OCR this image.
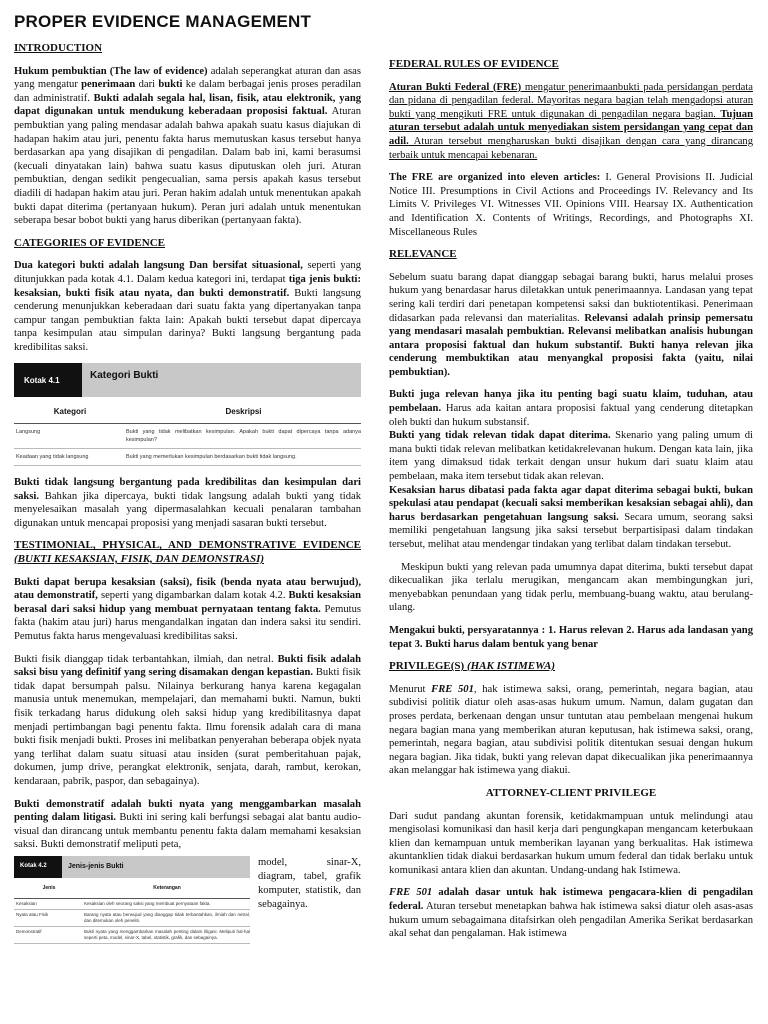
PROPER EVIDENCE MANAGEMENT
INTRODUCTION

Hukum pembuktian (The law of evidence) adalah seperangkat aturan dan asas yang mengatur penerimaan dari bukti ke dalam berbagai jenis proses peradilan dan administratif. Bukti adalah segala hal, lisan, fisik, atau elektronik, yang dapat digunakan untuk mendukung keberadaan proposisi faktual. Aturan pembuktian yang paling mendasar adalah bahwa apakah suatu kasus diajukan di hadapan hakim atau juri, penentu fakta harus memutuskan kasus tersebut hanya berdasarkan apa yang disajikan di pengadilan. Dalam bab ini, kami berasumsi (kecuali dinyatakan lain) bahwa suatu kasus diputuskan oleh juri. Aturan pembuktian, dengan sedikit pengecualian, sama persis apakah kasus tersebut diadili di hadapan hakim atau juri. Peran hakim adalah untuk menentukan apakah bukti dapat diterima (pertanyaan hukum). Peran juri adalah untuk menentukan seberapa besar bobot bukti yang harus diberikan (pertanyaan fakta).

CATEGORIES OF EVIDENCE

Dua kategori bukti adalah langsung Dan bersifat situasional, seperti yang ditunjukkan pada kotak 4.1. Dalam kedua kategori ini, terdapat tiga jenis bukti: kesaksian, bukti fisik atau nyata, dan bukti demonstratif. Bukti langsung cenderung menunjukkan keberadaan dari suatu fakta yang dipertanyakan tanpa campur tangan pembuktian fakta lain: Apakah bukti tersebut dapat dipercaya tanpa kesimpulan atau simpulan darinya? Bukti langsung bergantung pada kredibilitas saksi.

Kotak 4.1	Kategori Bukti
Kategori	Deskripsi
Langsung	Bukti yang tidak melibatkan kesimpulan. Apakah bukti dapat dipercaya tanpa adanya kesimpulan?
Keadaan yang tidak langsung	Bukti yang memerlukan kesimpulan berdasarkan bukti tidak langsung.

Bukti tidak langsung bergantung pada kredibilitas dan kesimpulan dari saksi. Bahkan jika dipercaya, bukti tidak langsung adalah bukti yang tidak menyelesaikan masalah yang dipermasalahkan kecuali penalaran tambahan digunakan untuk mencapai proposisi yang menjadi sasaran bukti tersebut.

TESTIMONIAL, PHYSICAL, AND DEMONSTRATIVE EVIDENCE (BUKTI KESAKSIAN, FISIK, DAN DEMONSTRASI)

Bukti dapat berupa kesaksian (saksi), fisik (benda nyata atau berwujud), atau demonstratif, seperti yang digambarkan dalam kotak 4.2. Bukti kesaksian berasal dari saksi hidup yang membuat pernyataan tentang fakta. Pemutus fakta (hakim atau juri) harus mengandalkan ingatan dan indera saksi itu sendiri. Pemutus fakta harus mengevaluasi kredibilitas saksi.

Bukti fisik dianggap tidak terbantahkan, ilmiah, dan netral. Bukti fisik adalah saksi bisu yang definitif yang sering disamakan dengan kepastian. Bukti fisik tidak dapat bersumpah palsu. Nilainya berkurang hanya karena kegagalan manusia untuk menemukan, mempelajari, dan memahami bukti. Namun, bukti fisik terkadang harus didukung oleh saksi hidup yang kredibilitasnya dapat menjadi pertimbangan bagi penentu fakta. Ilmu forensik adalah cara di mana bukti fisik menjadi bukti. Proses ini melibatkan penyerahan beberapa objek nyata yang terlihat dalam suatu situasi atau insiden (surat pemberitahuan pajak, dokumen, jump drive, perangkat elektronik, senjata, darah, rambut, kerokan, kendaraan, pabrik, paspor, dan sebagainya).

Bukti demonstratif adalah bukti nyata yang menggambarkan masalah penting dalam litigasi. Bukti ini sering kali berfungsi sebagai alat bantu audio-visual dan dirancang untuk membantu penentu fakta dalam memahami kesaksian saksi. Bukti demonstratif meliputi peta,

Kotak 4.2	Jenis-jenis Bukti
Jenis	Keterangan
Kesaksian	Kesaksian oleh seorang saksi yang membuat pernyataan fakta.
Nyata atau Fisik	Barang nyata atau berwujud yang dianggap tidak terbantahkan, ilmiah dan netral, dan ditemukan oleh peneliti.
Demonstratif	Bukti nyata yang menggambarkan masalah penting dalam litigasi. Meliputi hal-hal seperti peta, model, sinar-X, tabel, statistik, grafik, dan sebagainya.

model, sinar-X, diagram, tabel, grafik komputer, statistik, dan sebagainya.

FEDERAL RULES OF EVIDENCE

Aturan Bukti Federal (FRE) mengatur penerimaanbukti pada persidangan perdata dan pidana di pengadilan federal. Mayoritas negara bagian telah mengadopsi aturan bukti yang mengikuti FRE untuk digunakan di pengadilan negara bagian. Tujuan aturan tersebut adalah untuk menyediakan sistem persidangan yang cepat dan adil. Aturan tersebut mengharuskan bukti disajikan dengan cara yang dirancang terbaik untuk mencapai kebenaran.

The FRE are organized into eleven articles: I. General Provisions II. Judicial Notice III. Presumptions in Civil Actions and Proceedings IV. Relevancy and Its Limits V. Privileges VI. Witnesses VII. Opinions VIII. Hearsay IX. Authentication and Identification X. Contents of Writings, Recordings, and Photographs XI. Miscellaneous Rules

RELEVANCE

Sebelum suatu barang dapat dianggap sebagai barang bukti, harus melalui proses hukum yang benardasar harus diletakkan untuk penerimaannya. Landasan yang tepat sering kali terdiri dari penetapan kompetensi saksi dan buktiotentikasi. Penerimaan didasarkan pada relevansi dan materialitas. Relevansi adalah prinsip pemersatu yang mendasari masalah pembuktian. Relevansi melibatkan analisis hubungan antara proposisi faktual dan hukum substantif. Bukti hanya relevan jika cenderung membuktikan atau menyangkal proposisi fakta (yaitu, nilai pembuktian).

Bukti juga relevan hanya jika itu penting bagi suatu klaim, tuduhan, atau pembelaan. Harus ada kaitan antara proposisi faktual yang cenderung ditetapkan oleh bukti dan hukum substansif.
Bukti yang tidak relevan tidak dapat diterima. Skenario yang paling umum di mana bukti tidak relevan melibatkan ketidakrelevanan hukum. Dengan kata lain, jika item yang dimaksud tidak terkait dengan unsur hukum dari suatu klaim atau pembelaan, maka item tersebut tidak akan relevan.
Kesaksian harus dibatasi pada fakta agar dapat diterima sebagai bukti, bukan spekulasi atau pendapat (kecuali saksi memberikan kesaksian sebagai ahli), dan harus berdasarkan pengetahuan langsung saksi. Secara umum, seorang saksi memiliki pengetahuan langsung jika saksi tersebut berpartisipasi dalam tindakan tersebut, melihat atau mendengar tindakan yang terlibat dalam tindakan tersebut.

Meskipun bukti yang relevan pada umumnya dapat diterima, bukti tersebut dapat dikecualikan jika terlalu merugikan, mengancam akan membingungkan juri, menyebabkan penundaan yang tidak perlu, membuang-buang waktu, atau berulang-ulang.

Mengakui bukti, persyaratannya : 1. Harus relevan 2. Harus ada landasan yang tepat 3. Bukti harus dalam bentuk yang benar

PRIVILEGE(S) (HAK ISTIMEWA)

Menurut FRE 501, hak istimewa saksi, orang, pemerintah, negara bagian, atau subdivisi politik diatur oleh asas-asas hukum umum. Namun, dalam gugatan dan proses perdata, berkenaan dengan unsur tuntutan atau pembelaan mengenai hukum negara bagian mana yang memberikan aturan keputusan, hak istimewa saksi, orang, pemerintah, negara bagian, atau subdivisi politik ditentukan sesuai dengan hukum negara bagian. Jika tidak, bukti yang relevan dapat dikecualikan jika penerimaannya akan melanggar hak istimewa yang diakui.

ATTORNEY-CLIENT PRIVILEGE

Dari sudut pandang akuntan forensik, ketidakmampuan untuk melindungi atau mengisolasi komunikasi dan hasil kerja dari pengungkapan mengancam keterbukaan klien dan kemampuan untuk memberikan layanan yang berkualitas. Hak istimewa akuntanklien tidak diakui berdasarkan hukum umum federal dan tidak berlaku untuk komunikasi antara klien dan akuntan. Undang-undang hak Istimewa.

FRE 501 adalah dasar untuk hak istimewa pengacara-klien di pengadilan federal. Aturan tersebut menetapkan bahwa hak istimewa saksi diatur oleh asas-asas hukum umum sebagaimana ditafsirkan oleh pengadilan Amerika Serikat berdasarkan akal sehat dan pengalaman. Hak istimewa
